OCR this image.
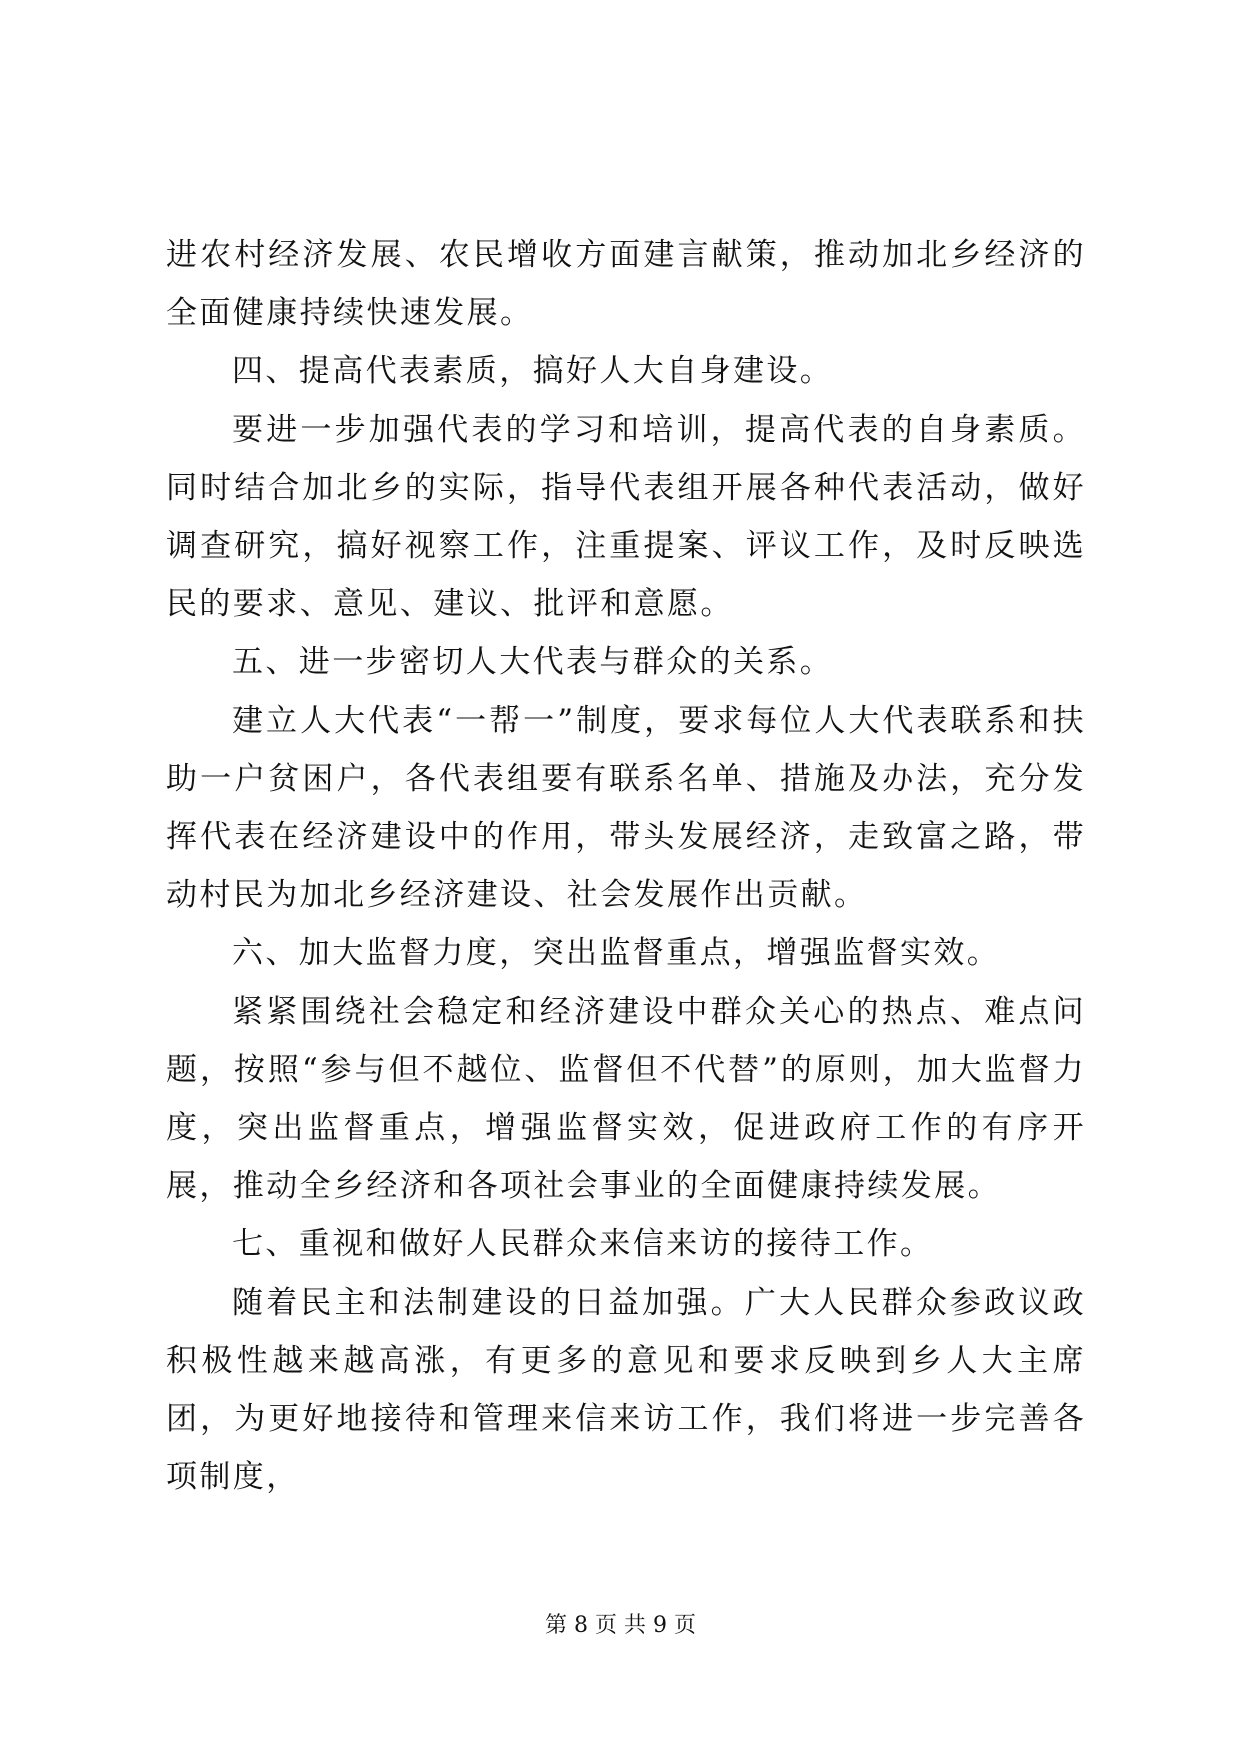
进农村经济发展、农民增收方面建言献策，推动加北乡经济的全面健康持续快速发展。

四、提高代表素质，搞好人大自身建设。

要进一步加强代表的学习和培训，提高代表的自身素质。同时结合加北乡的实际，指导代表组开展各种代表活动，做好调查研究，搞好视察工作，注重提案、评议工作，及时反映选民的要求、意见、建议、批评和意愿。

五、进一步密切人大代表与群众的关系。

建立人大代表“一帮一”制度，要求每位人大代表联系和扶助一户贫困户，各代表组要有联系名单、措施及办法，充分发挥代表在经济建设中的作用，带头发展经济，走致富之路，带动村民为加北乡经济建设、社会发展作出贡献。

六、加大监督力度，突出监督重点，增强监督实效。

紧紧围绕社会稳定和经济建设中群众关心的热点、难点问题，按照“参与但不越位、监督但不代替”的原则，加大监督力度，突出监督重点，增强监督实效，促进政府工作的有序开展，推动全乡经济和各项社会事业的全面健康持续发展。

七、重视和做好人民群众来信来访的接待工作。

随着民主和法制建设的日益加强。广大人民群众参政议政积极性越来越高涨，有更多的意见和要求反映到乡人大主席团，为更好地接待和管理来信来访工作，我们将进一步完善各项制度，

第 8 页 共 9 页
